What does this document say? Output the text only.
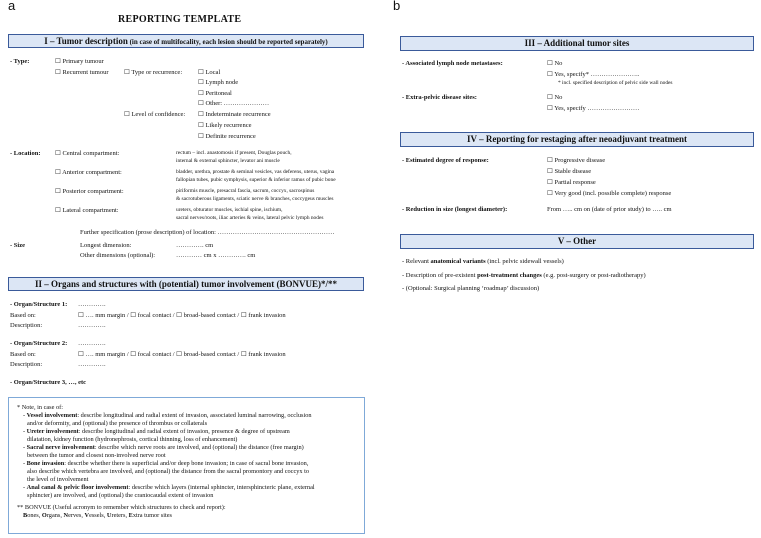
a	b
REPORTING TEMPLATE
I – Tumor description (in case of multifocality, each lesion should be reported separately)
- Type:	☐ Primary tumour
☐ Recurrent tumour ☐ Type or recurrence: ☐ Local
☐ Lymph node
☐ Peritoneal
☐ Other: …………………
☐ Level of confidence: ☐ Indeterminate recurrence
☐ Likely recurrence
☐ Definite recurrence
- Location: ☐ Central compartment:	rectum – incl. anastomosis if present, Douglas pouch,
internal & external sphincter, levator ani muscle
☐ Anterior compartment:	bladder, urethra, prostate & seminal vesicles, vas deferens, uterus, vagina
fallopian tubes, pubic symphysis, superior & inferior ramus of pubic bone
☐ Posterior compartment:	piriformis muscle, presacral fascia, sacrum, coccyx, sacrospinus
& sacrotuberous ligaments, sciatic nerve & branches, coccygeus muscles
☐ Lateral compartment:	ureters, obturator muscles, ischial spine, ischium,
sacral nerves/roots, iliac arteries & veins, lateral pelvic lymph nodes
Further specification (prose description) of location: ………………………………………………
- Size	Longest dimension:	…………. cm
Other dimensions (optional):	………… cm x …………. cm
II – Organs and structures with (potential) tumor involvement (BONVUE)*/**
- Organ/Structure 1: ………….
Based on:	☐ …. mm margin / ☐ focal contact / ☐ broad-based contact / ☐ frank invasion
Description:	………….
- Organ/Structure 2: ………….
Based on:	☐ …. mm margin / ☐ focal contact / ☐ broad-based contact / ☐ frank invasion
Description:	………….
- Organ/Structure 3, …, etc
* Note, in case of:
- Vessel involvement: describe longitudinal and radial extent of invasion, associated luminal narrowing, occlusion
and/or deformity, and (optional) the presence of thrombus or collaterals
- Ureter involvement: describe longitudinal and radial extent of invasion, presence & degree of upstream
dilatation, kidney function (hydronephrosis, cortical thinning, loss of enhancement)
- Sacral nerve involvement: describe which nerve roots are involved, and (optional) the distance (free margin)
between the tumor and closest non-involved nerve root
- Bone invasion: describe whether there is superficial and/or deep bone invasion; in case of sacral bone invasion,
also describe which vertebra are involved, and (optional) the distance from the sacral promontory and coccyx to
the level of involvement
- Anal canal & pelvic floor involvement: describe which layers (internal sphincter, intersphincteric plane, external
sphincter) are involved, and (optional) the craniocaudal extent of invasion
** BONVUE (Useful acronym to remember which structures to check and report):
Bones, Organs, Nerves, Vessels, Ureters, Extra tumor sites
III – Additional tumor sites
- Associated lymph node metastases:	☐ No
☐ Yes, specify* …………………..
* incl. specified description of pelvic side wall nodes
- Extra-pelvic disease sites:	☐ No
☐ Yes, specify ……………………
IV – Reporting for restaging after neoadjuvant treatment
- Estimated degree of response:	☐ Progressive disease
☐ Stable disease
☐ Partial response
☐ Very good (incl. possible complete) response
- Reduction in size (longest diameter):	From ….. cm on (date of prior study) to ….. cm
V – Other
- Relevant anatomical variants (incl. pelvic sidewall vessels)
- Description of pre-existent post-treatment changes (e.g. post-surgery or post-radiotherapy)
- (Optional: Surgical planning ‘roadmap’ discussion)
